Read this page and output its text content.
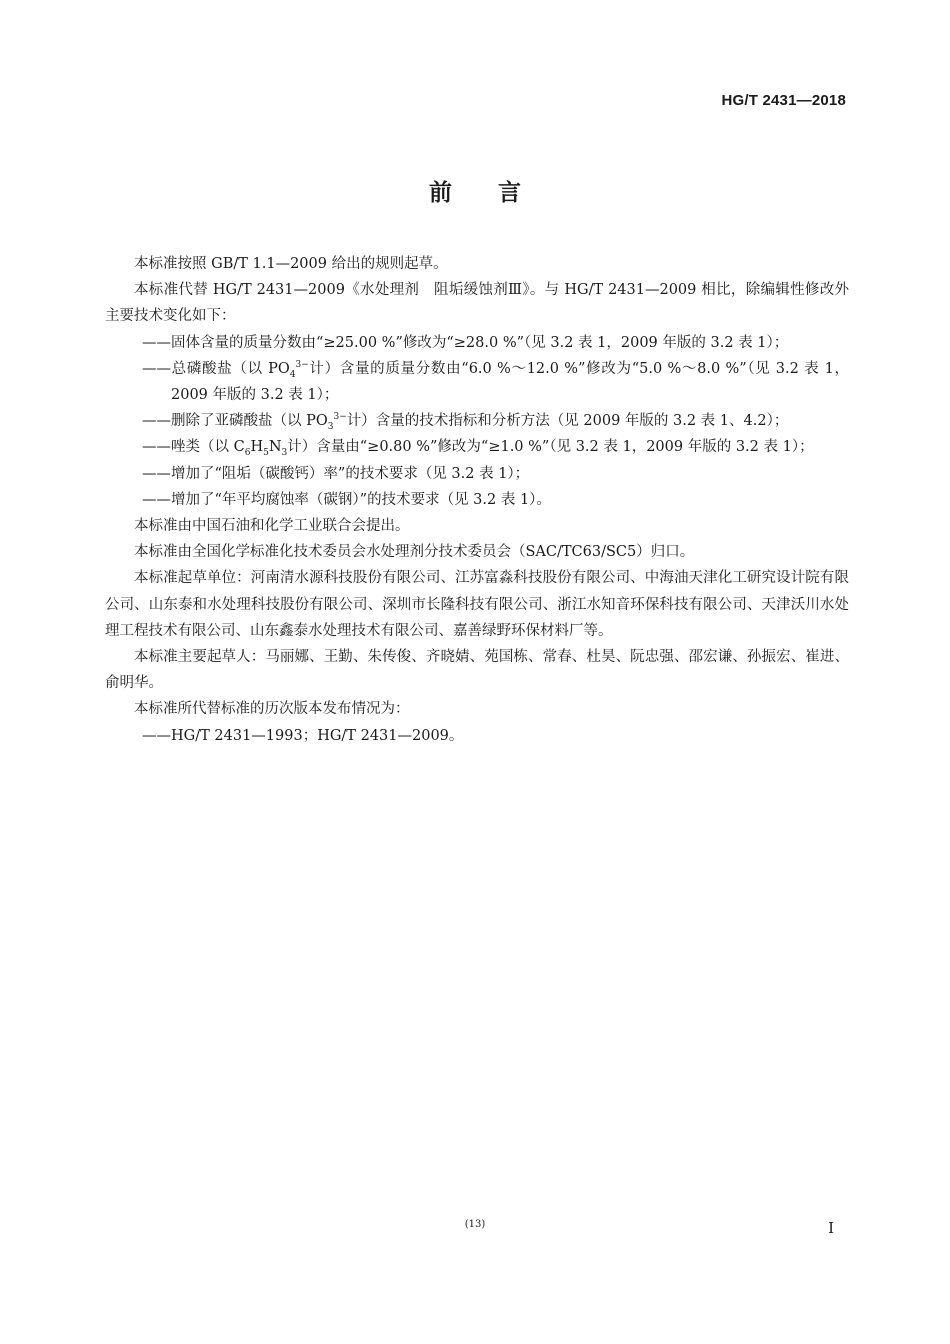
HG/T 2431—2018
前言
本标准按照 GB/T 1.1—2009 给出的规则起草。
本标准代替 HG/T 2431—2009《水处理剂　阻垢缓蚀剂Ⅲ》。与 HG/T 2431—2009 相比，除编辑性修改外主要技术变化如下：
——固体含量的质量分数由“≥25.00 %”修改为“≥28.0 %”（见 3.2 表 1，2009 年版的 3.2 表 1）；
——总磷酸盐（以 $PO_4^{3-}$计）含量的质量分数由“6.0 %～12.0 %”修改为“5.0 %～8.0 %”（见 3.2 表 1，2009 年版的 3.2 表 1）；
——删除了亚磷酸盐（以 $PO_3^{3-}$计）含量的技术指标和分析方法（见 2009 年版的 3.2 表 1、4.2）；
——唑类（以 $C_6H_5N_3$计）含量由“≥0.80 %”修改为“≥1.0 %”（见 3.2 表 1，2009 年版的 3.2 表 1）；
——增加了“阻垢（碳酸钙）率”的技术要求（见 3.2 表 1）；
——增加了“年平均腐蚀率（碳钢）”的技术要求（见 3.2 表 1）。
本标准由中国石油和化学工业联合会提出。
本标准由全国化学标准化技术委员会水处理剂分技术委员会（SAC/TC63/SC5）归口。
本标准起草单位：河南清水源科技股份有限公司、江苏富淼科技股份有限公司、中海油天津化工研究设计院有限公司、山东泰和水处理科技股份有限公司、深圳市长隆科技有限公司、浙江水知音环保科技有限公司、天津沃川水处理工程技术有限公司、山东鑫泰水处理技术有限公司、嘉善绿野环保材料厂等。
本标准主要起草人：马丽娜、王勤、朱传俊、齐晓婧、苑国栋、常春、杜昊、阮忠强、邵宏谦、孙振宏、崔进、俞明华。
本标准所代替标准的历次版本发布情况为：
——HG/T 2431—1993；HG/T 2431—2009。
(13)	I
